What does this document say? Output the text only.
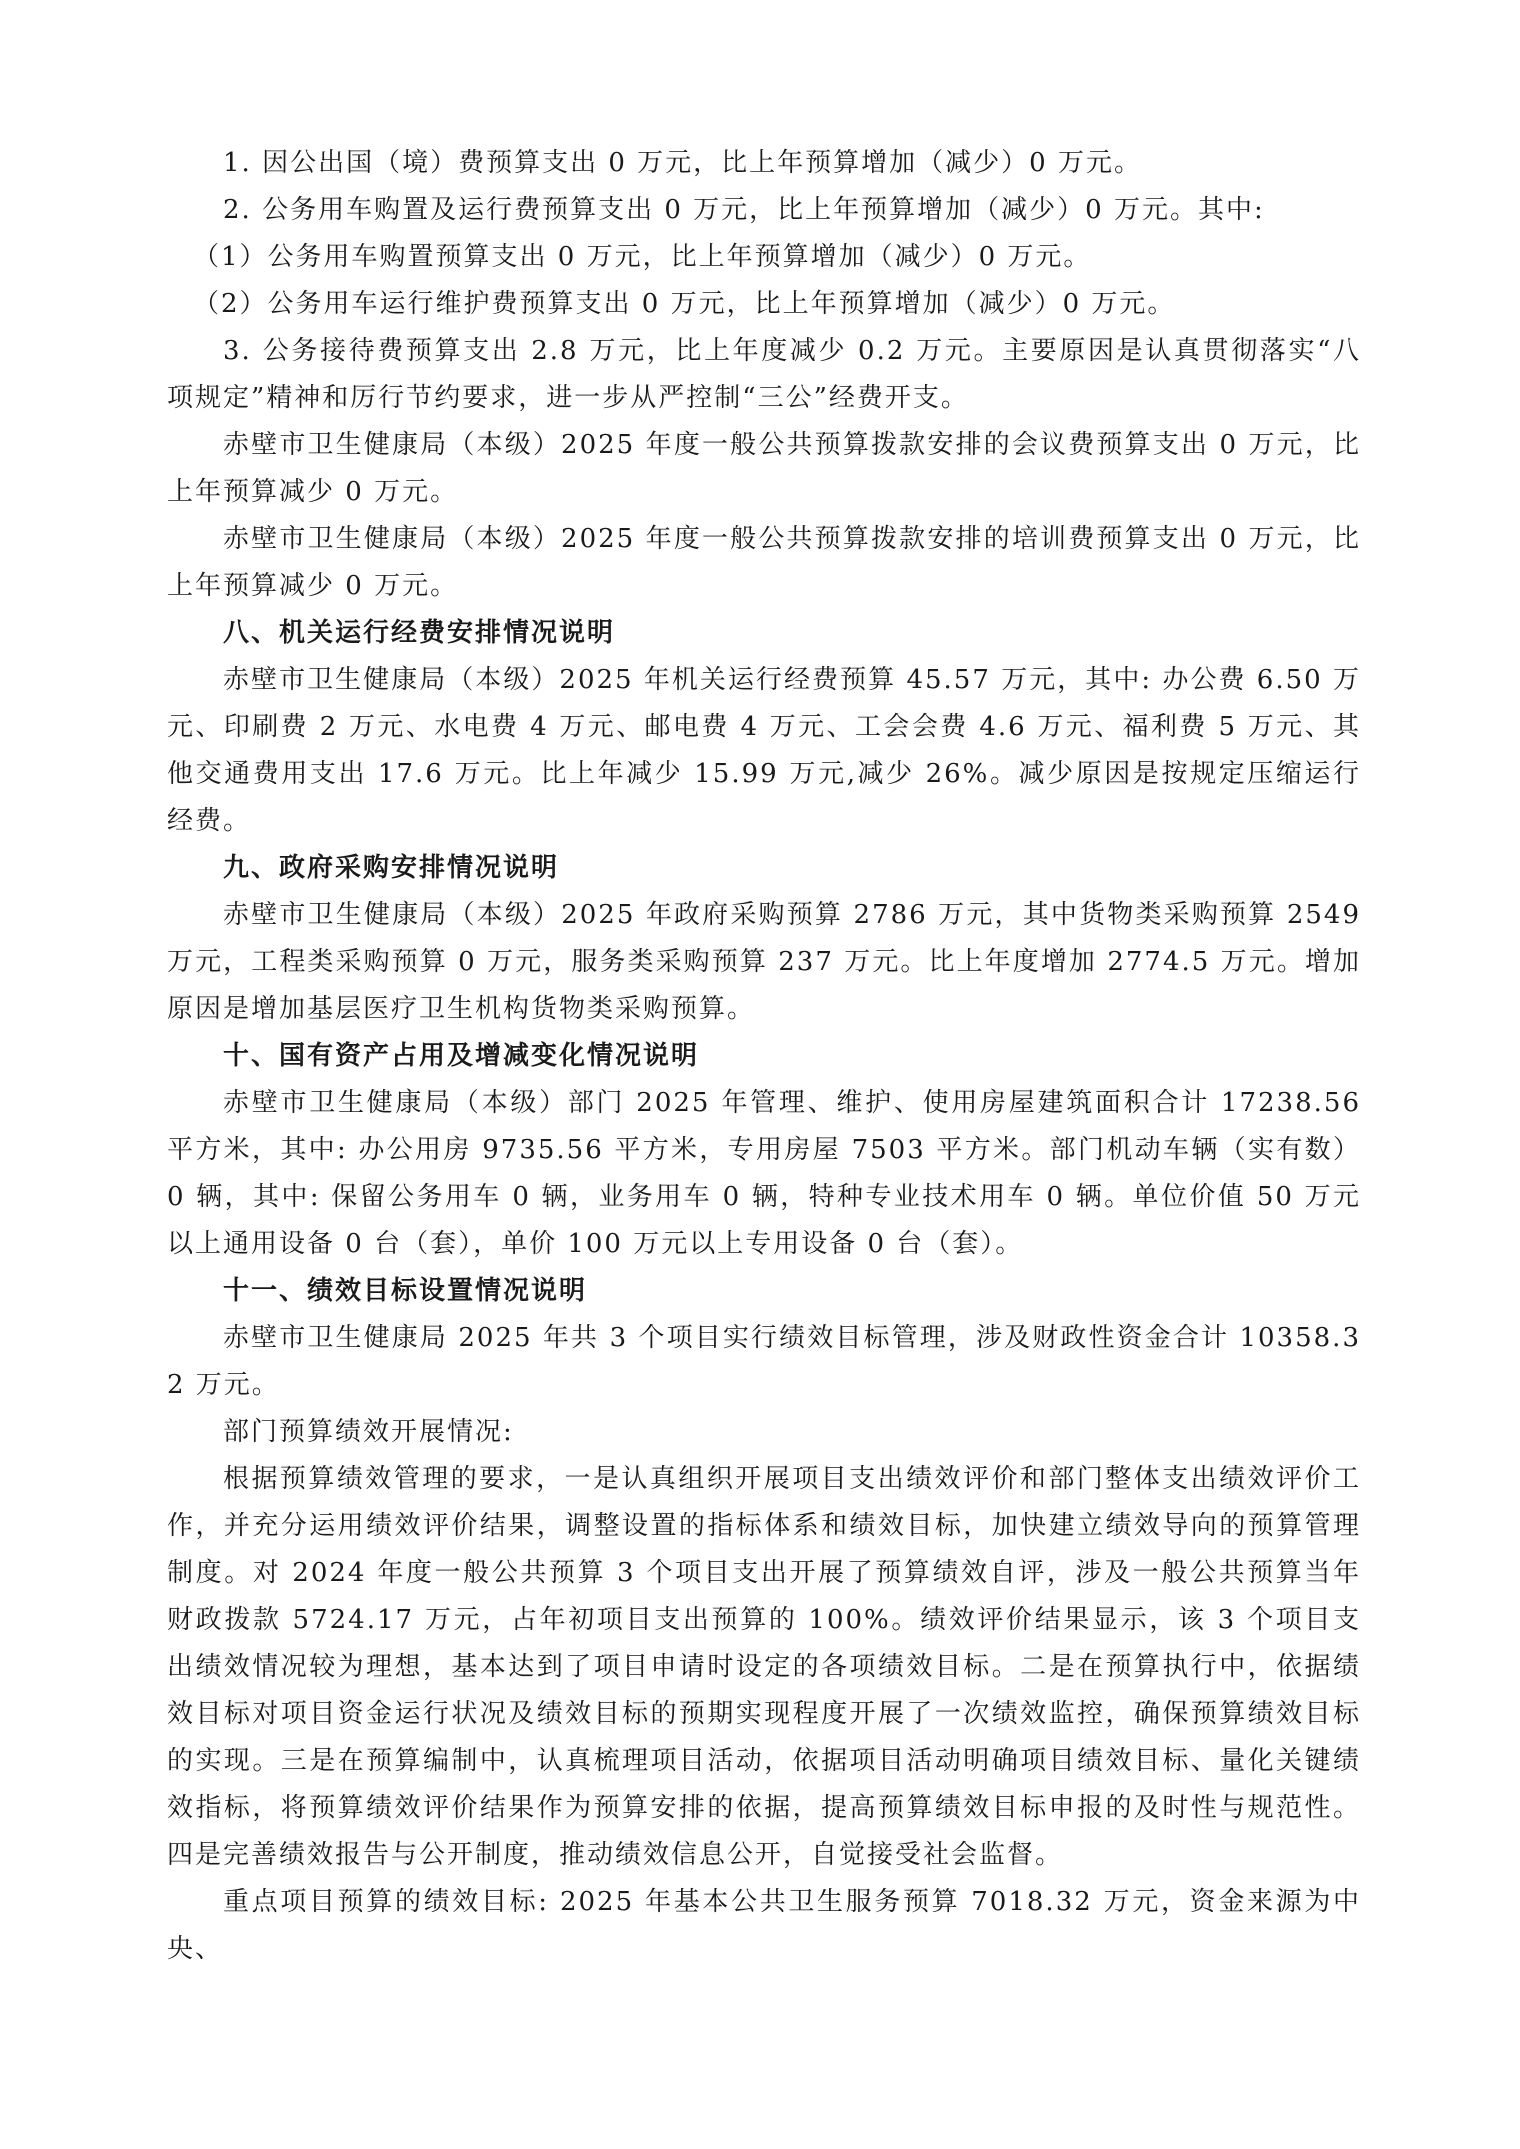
1. 因公出国（境）费预算支出 0 万元，比上年预算增加（减少）0 万元。

2. 公务用车购置及运行费预算支出 0 万元，比上年预算增加（减少）0 万元。其中:

（1）公务用车购置预算支出 0 万元，比上年预算增加（减少）0 万元。

（2）公务用车运行维护费预算支出 0 万元，比上年预算增加（减少）0 万元。

3. 公务接待费预算支出 2.8 万元，比上年度减少 0.2 万元。主要原因是认真贯彻落实“八项规定”精神和厉行节约要求，进一步从严控制“三公”经费开支。

赤壁市卫生健康局（本级）2025 年度一般公共预算拨款安排的会议费预算支出 0 万元，比上年预算减少 0 万元。

赤壁市卫生健康局（本级）2025 年度一般公共预算拨款安排的培训费预算支出 0 万元，比上年预算减少 0 万元。

八、机关运行经费安排情况说明

赤壁市卫生健康局（本级）2025 年机关运行经费预算 45.57 万元，其中: 办公费 6.50 万元、印刷费 2 万元、水电费 4 万元、邮电费 4 万元、工会会费 4.6 万元、福利费 5 万元、其他交通费用支出 17.6 万元。比上年减少 15.99 万元,减少 26%。减少原因是按规定压缩运行经费。

九、政府采购安排情况说明

赤壁市卫生健康局（本级）2025 年政府采购预算 2786 万元，其中货物类采购预算 2549 万元，工程类采购预算 0 万元，服务类采购预算 237 万元。比上年度增加 2774.5 万元。增加原因是增加基层医疗卫生机构货物类采购预算。

十、国有资产占用及增减变化情况说明

赤壁市卫生健康局（本级）部门 2025 年管理、维护、使用房屋建筑面积合计 17238.56 平方米，其中: 办公用房 9735.56 平方米，专用房屋 7503 平方米。部门机动车辆（实有数）0 辆，其中: 保留公务用车 0 辆，业务用车 0 辆，特种专业技术用车 0 辆。单位价值 50 万元以上通用设备 0 台（套），单价 100 万元以上专用设备 0 台（套）。

十一、绩效目标设置情况说明

赤壁市卫生健康局 2025 年共 3 个项目实行绩效目标管理，涉及财政性资金合计 10358.32 万元。

部门预算绩效开展情况:

根据预算绩效管理的要求，一是认真组织开展项目支出绩效评价和部门整体支出绩效评价工作，并充分运用绩效评价结果，调整设置的指标体系和绩效目标，加快建立绩效导向的预算管理制度。对 2024 年度一般公共预算 3 个项目支出开展了预算绩效自评，涉及一般公共预算当年财政拨款 5724.17 万元，占年初项目支出预算的 100%。绩效评价结果显示，该 3 个项目支出绩效情况较为理想，基本达到了项目申请时设定的各项绩效目标。二是在预算执行中，依据绩效目标对项目资金运行状况及绩效目标的预期实现程度开展了一次绩效监控，确保预算绩效目标的实现。三是在预算编制中，认真梳理项目活动，依据项目活动明确项目绩效目标、量化关键绩效指标，将预算绩效评价结果作为预算安排的依据，提高预算绩效目标申报的及时性与规范性。四是完善绩效报告与公开制度，推动绩效信息公开，自觉接受社会监督。

重点项目预算的绩效目标: 2025 年基本公共卫生服务预算 7018.32 万元，资金来源为中央、
